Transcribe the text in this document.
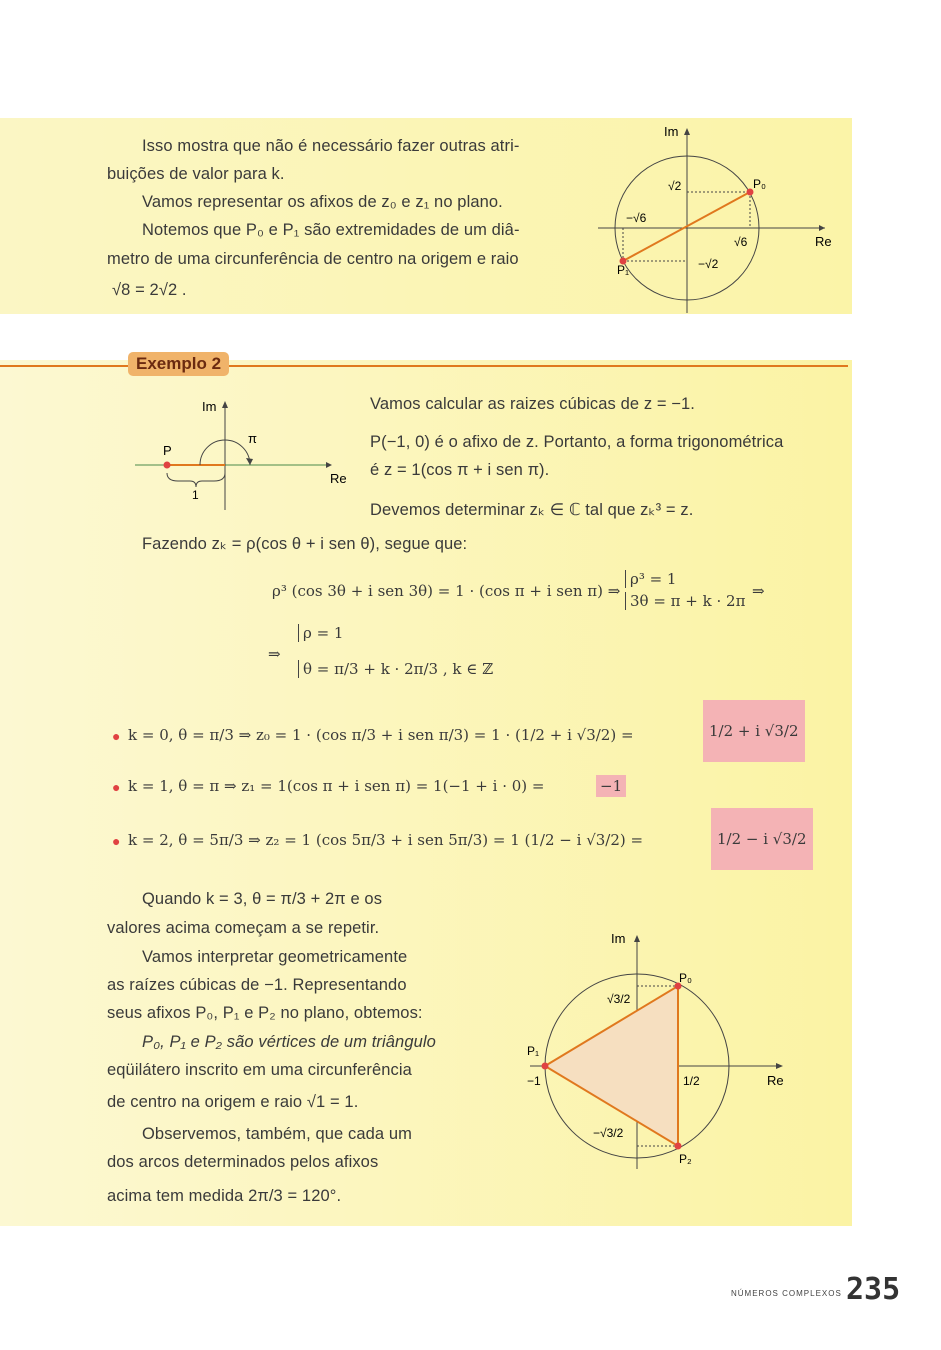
Isso mostra que não é necessário fazer outras atri-
buições de valor para k.
Vamos representar os afixos de z₀ e z₁ no plano.
Notemos que P₀ e P₁ são extremidades de um diâ-
metro de uma circunferência de centro na origem e raio
√8 = 2√2 .
Im
Re
P₀
P₁
√2
−√6
√6
−√2
Exemplo 2
Im
Re
P
π
1
Vamos calcular as raizes cúbicas de z = −1.
P(−1, 0) é o afixo de z. Portanto, a forma trigonométrica
é z = 1(cos π + i sen π).
Devemos determinar zₖ ∈ ℂ tal que zₖ³ = z.
Fazendo zₖ = ρ(cos θ + i sen θ), segue que:
ρ³ (cos 3θ + i sen 3θ) = 1 · (cos π + i sen π) ⇒
ρ³ = 1
3θ = π + k · 2π
⇒
⇒
ρ = 1
θ = π/3 + k · 2π/3 , k ∈ ℤ
● k = 0, θ = π/3 ⇒ z₀ = 1 · (cos π/3 + i sen π/3) = 1 · (1/2 + i √3/2) =	1/2 + i √3/2
● k = 1, θ = π ⇒ z₁ = 1(cos π + i sen π) = 1(−1 + i · 0) =	−1
● k = 2, θ = 5π/3 ⇒ z₂ = 1 (cos 5π/3 + i sen 5π/3) = 1 (1/2 − i √3/2) =	1/2 − i √3/2
Quando k = 3, θ = π/3 + 2π e os
valores acima começam a se repetir.
Vamos interpretar geometricamente
as raízes cúbicas de −1. Representando
seus afixos P₀, P₁ e P₂ no plano, obtemos:
P₀, P₁ e P₂ são vértices de um triângulo
eqüilátero inscrito em uma circunferência
de centro na origem e raio √1 = 1.
Observemos, também, que cada um
dos arcos determinados pelos afixos
acima tem medida 2π/3 = 120°.
Im
Re
P₀
P₁
P₂
−1	1/2
√3/2
−√3/2
NÚMEROS COMPLEXOS 235
